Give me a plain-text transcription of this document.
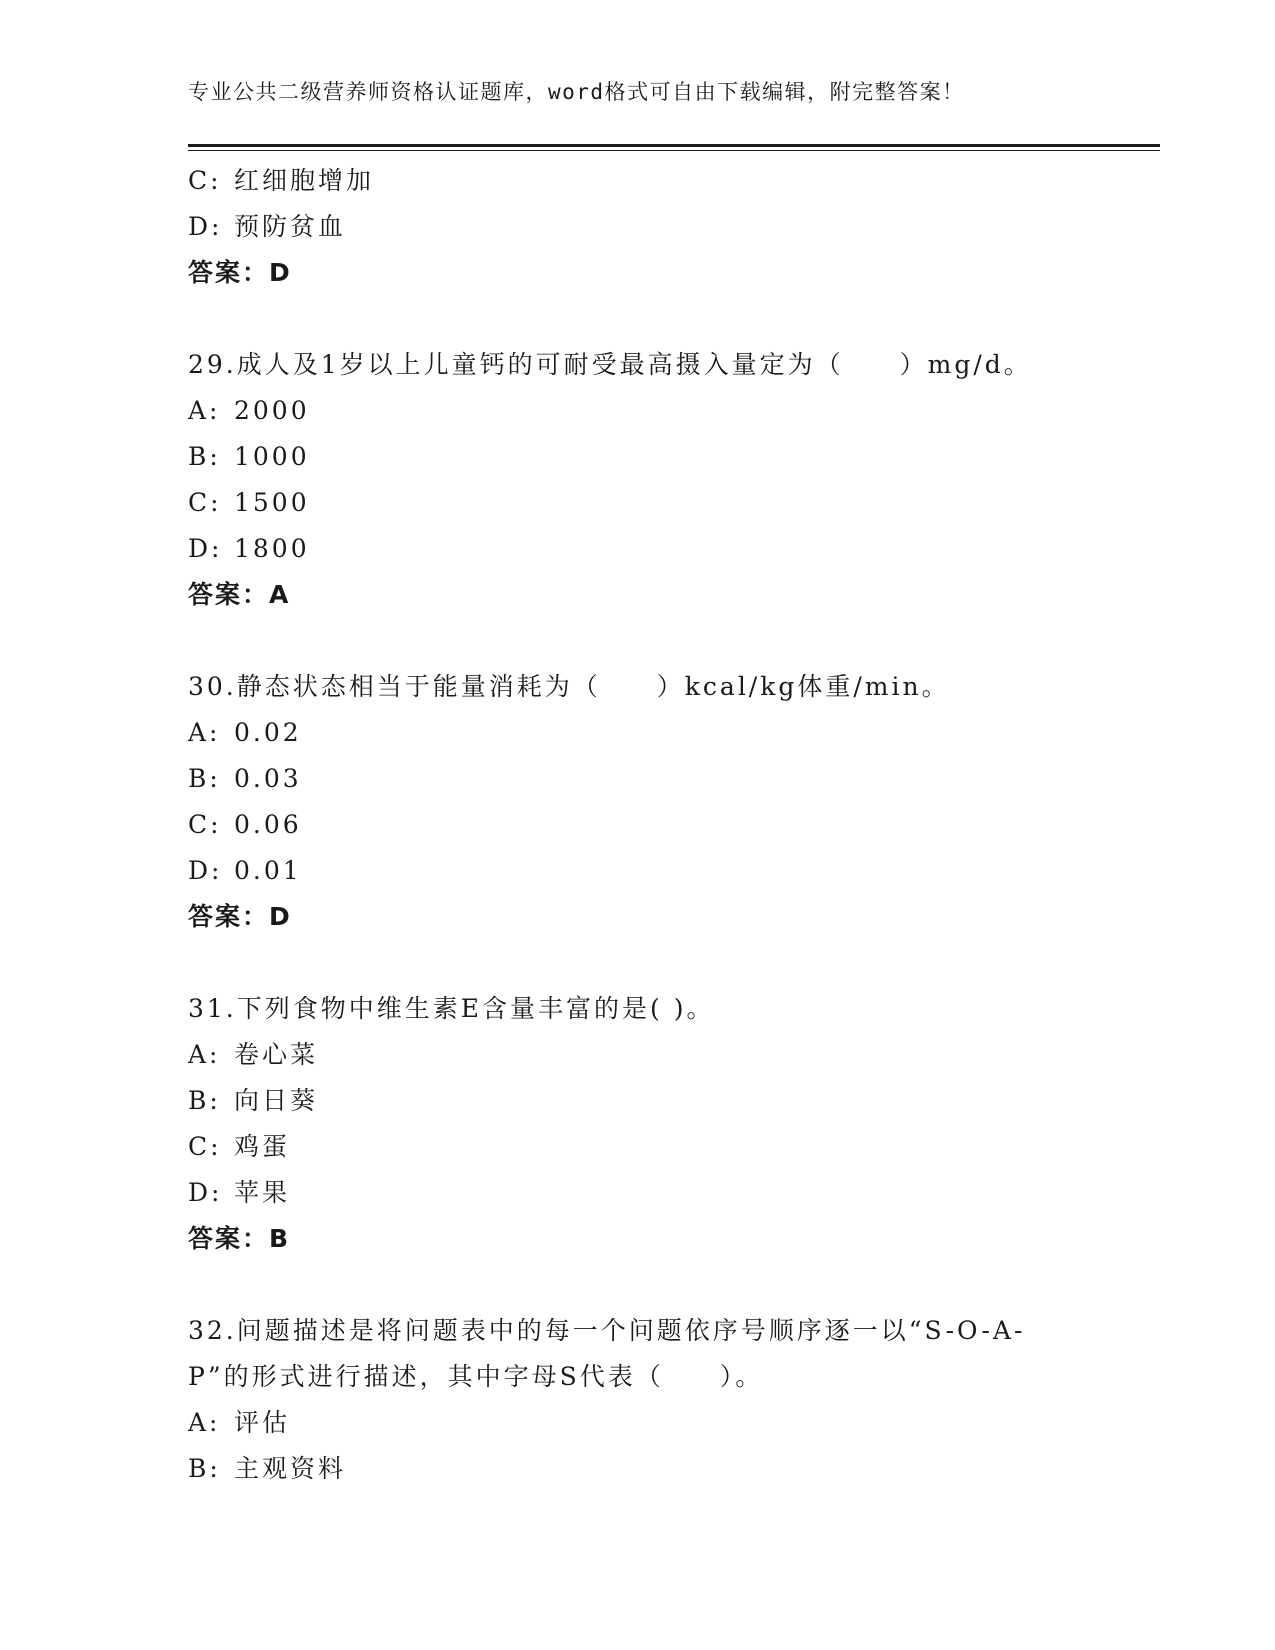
专业公共二级营养师资格认证题库，word格式可自由下载编辑，附完整答案！
C: 红细胞增加
D: 预防贫血
答案：D
29.成人及1岁以上儿童钙的可耐受最高摄入量定为（　　）mg/d。
A: 2000
B: 1000
C: 1500
D: 1800
答案：A
30.静态状态相当于能量消耗为（　　）kcal/kg体重/min。
A: 0.02
B: 0.03
C: 0.06
D: 0.01
答案：D
31.下列食物中维生素E含量丰富的是( )。
A: 卷心菜
B: 向日葵
C: 鸡蛋
D: 苹果
答案：B
32.问题描述是将问题表中的每一个问题依序号顺序逐一以“S-O-A-
P”的形式进行描述，其中字母S代表（　　）。
A: 评估
B: 主观资料
